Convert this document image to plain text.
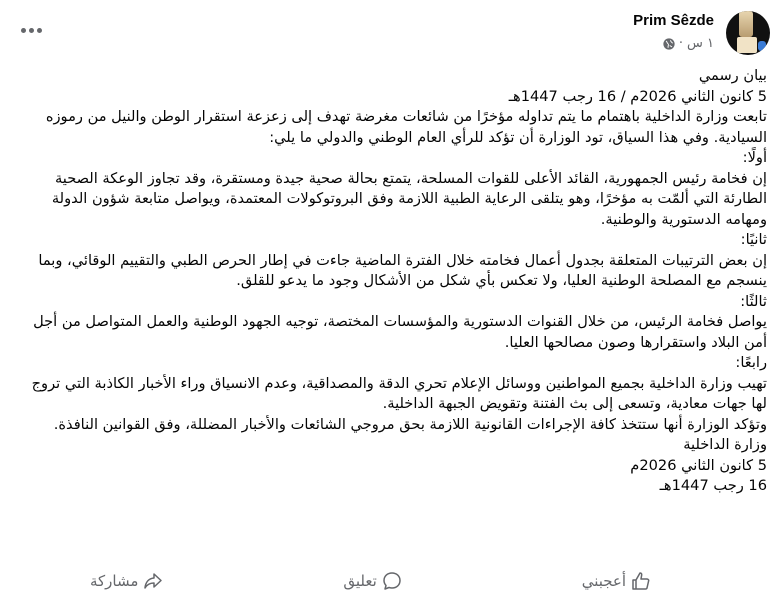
Prim Sêzde
١ س
·

بيان رسمي

5 كانون الثاني 2026م / 16 رجب 1447هـ

تابعت وزارة الداخلية باهتمام ما يتم تداوله مؤخرًا من شائعات مغرضة تهدف إلى زعزعة استقرار الوطن والنيل من رموزه السيادية. وفي هذا السياق، تود الوزارة أن تؤكد للرأي العام الوطني والدولي ما يلي:

أولًا:

إن فخامة رئيس الجمهورية، القائد الأعلى للقوات المسلحة، يتمتع بحالة صحية جيدة ومستقرة، وقد تجاوز الوعكة الصحية الطارئة التي ألمّت به مؤخرًا، وهو يتلقى الرعاية الطبية اللازمة وفق البروتوكولات المعتمدة، ويواصل متابعة شؤون الدولة ومهامه الدستورية والوطنية.

ثانيًا:

إن بعض الترتيبات المتعلقة بجدول أعمال فخامته خلال الفترة الماضية جاءت في إطار الحرص الطبي والتقييم الوقائي، وبما ينسجم مع المصلحة الوطنية العليا، ولا تعكس بأي شكل من الأشكال وجود ما يدعو للقلق.

ثالثًا:

يواصل فخامة الرئيس، من خلال القنوات الدستورية والمؤسسات المختصة، توجيه الجهود الوطنية والعمل المتواصل من أجل أمن البلاد واستقرارها وصون مصالحها العليا.

رابعًا:

تهيب وزارة الداخلية بجميع المواطنين ووسائل الإعلام تحري الدقة والمصداقية، وعدم الانسياق وراء الأخبار الكاذبة التي تروج لها جهات معادية، وتسعى إلى بث الفتنة وتقويض الجبهة الداخلية.

وتؤكد الوزارة أنها ستتخذ كافة الإجراءات القانونية اللازمة بحق مروجي الشائعات والأخبار المضللة، وفق القوانين النافذة.

وزارة الداخلية

5 كانون الثاني 2026م

16 رجب 1447هـ

أعجبني
تعليق
مشاركة
